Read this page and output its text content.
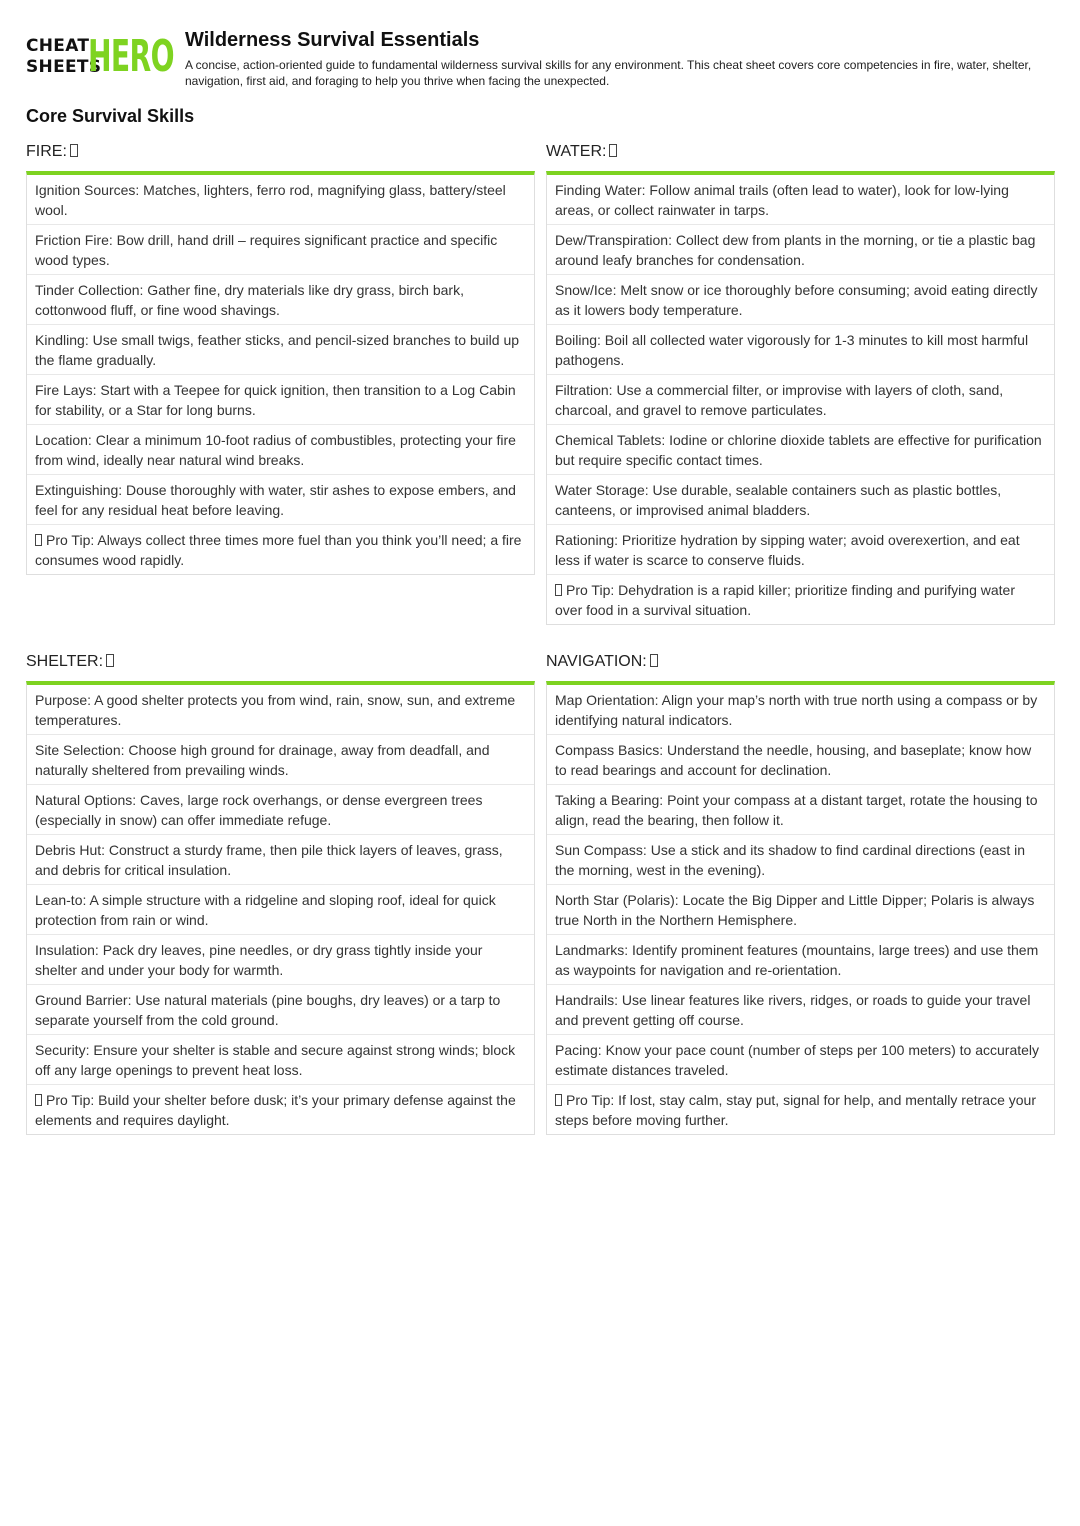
CHEAT
SHEETS
HERO Wilderness Survival Essentials
A concise, action-oriented guide to fundamental wilderness survival skills for any environment. This cheat sheet covers core competencies in fire, water, shelter, navigation, first aid, and foraging to help you thrive when facing the unexpected.
Core Survival Skills
FIRE:
Ignition Sources: Matches, lighters, ferro rod, magnifying glass, battery/steel wool.
Friction Fire: Bow drill, hand drill – requires significant practice and specific wood types.
Tinder Collection: Gather fine, dry materials like dry grass, birch bark, cottonwood fluff, or fine wood shavings.
Kindling: Use small twigs, feather sticks, and pencil-sized branches to build up the flame gradually.
Fire Lays: Start with a Teepee for quick ignition, then transition to a Log Cabin for stability, or a Star for long burns.
Location: Clear a minimum 10-foot radius of combustibles, protecting your fire from wind, ideally near natural wind breaks.
Extinguishing: Douse thoroughly with water, stir ashes to expose embers, and feel for any residual heat before leaving.
Pro Tip: Always collect three times more fuel than you think you’ll need; a fire consumes wood rapidly.
WATER:
Finding Water: Follow animal trails (often lead to water), look for low-lying areas, or collect rainwater in tarps.
Dew/Transpiration: Collect dew from plants in the morning, or tie a plastic bag around leafy branches for condensation.
Snow/Ice: Melt snow or ice thoroughly before consuming; avoid eating directly as it lowers body temperature.
Boiling: Boil all collected water vigorously for 1-3 minutes to kill most harmful pathogens.
Filtration: Use a commercial filter, or improvise with layers of cloth, sand, charcoal, and gravel to remove particulates.
Chemical Tablets: Iodine or chlorine dioxide tablets are effective for purification but require specific contact times.
Water Storage: Use durable, sealable containers such as plastic bottles, canteens, or improvised animal bladders.
Rationing: Prioritize hydration by sipping water; avoid overexertion, and eat less if water is scarce to conserve fluids.
Pro Tip: Dehydration is a rapid killer; prioritize finding and purifying water over food in a survival situation.
SHELTER:
Purpose: A good shelter protects you from wind, rain, snow, sun, and extreme temperatures.
Site Selection: Choose high ground for drainage, away from deadfall, and naturally sheltered from prevailing winds.
Natural Options: Caves, large rock overhangs, or dense evergreen trees (especially in snow) can offer immediate refuge.
Debris Hut: Construct a sturdy frame, then pile thick layers of leaves, grass, and debris for critical insulation.
Lean-to: A simple structure with a ridgeline and sloping roof, ideal for quick protection from rain or wind.
Insulation: Pack dry leaves, pine needles, or dry grass tightly inside your shelter and under your body for warmth.
Ground Barrier: Use natural materials (pine boughs, dry leaves) or a tarp to separate yourself from the cold ground.
Security: Ensure your shelter is stable and secure against strong winds; block off any large openings to prevent heat loss.
Pro Tip: Build your shelter before dusk; it’s your primary defense against the elements and requires daylight.
NAVIGATION:
Map Orientation: Align your map’s north with true north using a compass or by identifying natural indicators.
Compass Basics: Understand the needle, housing, and baseplate; know how to read bearings and account for declination.
Taking a Bearing: Point your compass at a distant target, rotate the housing to align, read the bearing, then follow it.
Sun Compass: Use a stick and its shadow to find cardinal directions (east in the morning, west in the evening).
North Star (Polaris): Locate the Big Dipper and Little Dipper; Polaris is always true North in the Northern Hemisphere.
Landmarks: Identify prominent features (mountains, large trees) and use them as waypoints for navigation and re-orientation.
Handrails: Use linear features like rivers, ridges, or roads to guide your travel and prevent getting off course.
Pacing: Know your pace count (number of steps per 100 meters) to accurately estimate distances traveled.
Pro Tip: If lost, stay calm, stay put, signal for help, and mentally retrace your steps before moving further.
